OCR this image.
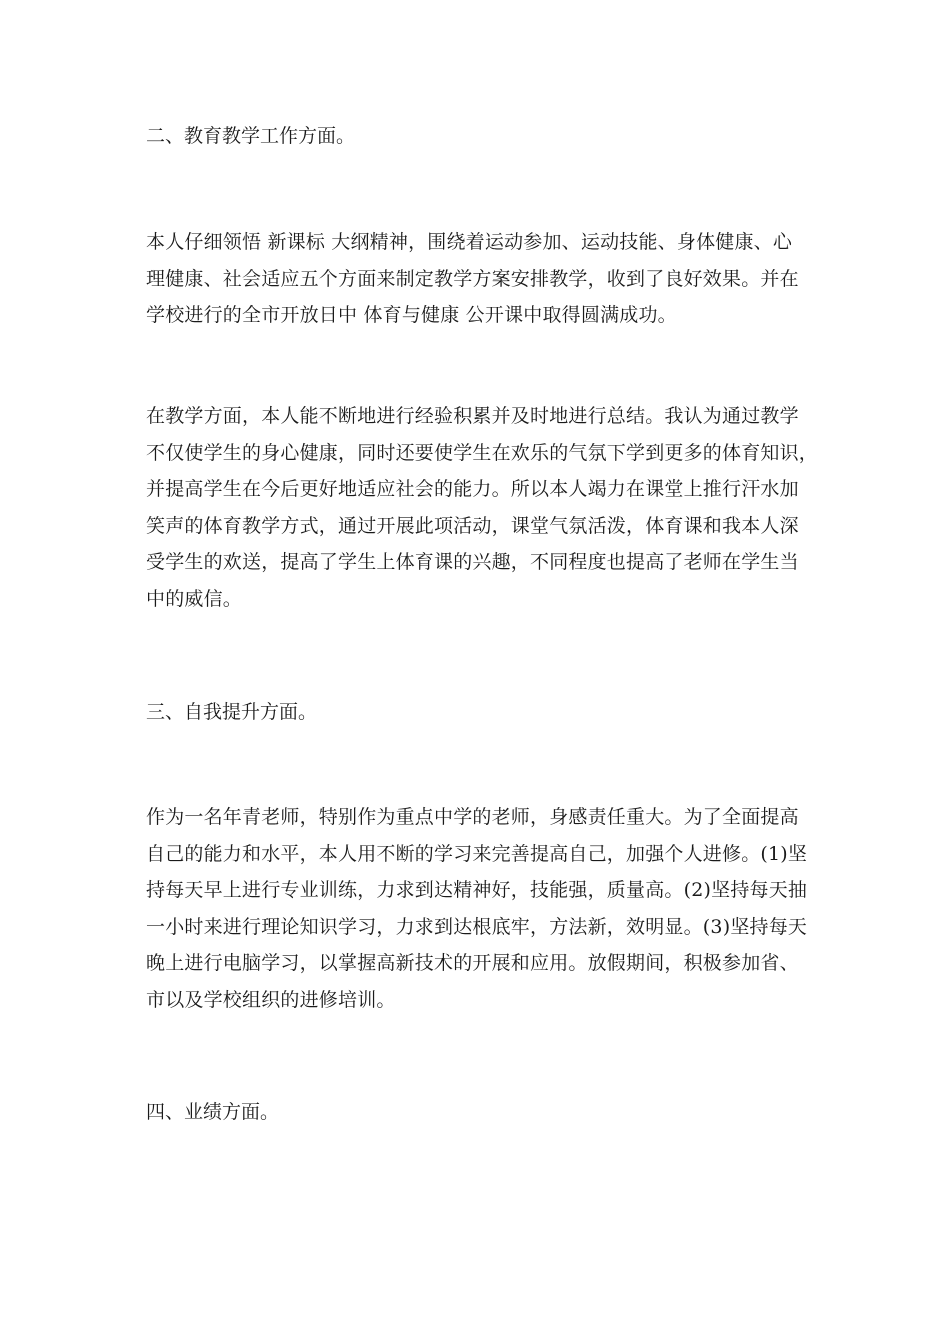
二、教育教学工作方面。

本人仔细领悟 新课标 大纲精神，围绕着运动参加、运动技能、身体健康、心
理健康、社会适应五个方面来制定教学方案安排教学，收到了良好效果。并在
学校进行的全市开放日中 体育与健康 公开课中取得圆满成功。

在教学方面，本人能不断地进行经验积累并及时地进行总结。我认为通过教学
不仅使学生的身心健康，同时还要使学生在欢乐的气氛下学到更多的体育知识，
并提高学生在今后更好地适应社会的能力。所以本人竭力在课堂上推行汗水加
笑声的体育教学方式，通过开展此项活动，课堂气氛活泼，体育课和我本人深
受学生的欢送，提高了学生上体育课的兴趣，不同程度也提高了老师在学生当
中的威信。

三、自我提升方面。

作为一名年青老师，特别作为重点中学的老师，身感责任重大。为了全面提高
自己的能力和水平，本人用不断的学习来完善提高自己，加强个人进修。(1)坚
持每天早上进行专业训练，力求到达精神好，技能强，质量高。(2)坚持每天抽
一小时来进行理论知识学习，力求到达根底牢，方法新，效明显。(3)坚持每天
晚上进行电脑学习，以掌握高新技术的开展和应用。放假期间，积极参加省、
市以及学校组织的进修培训。

四、业绩方面。
